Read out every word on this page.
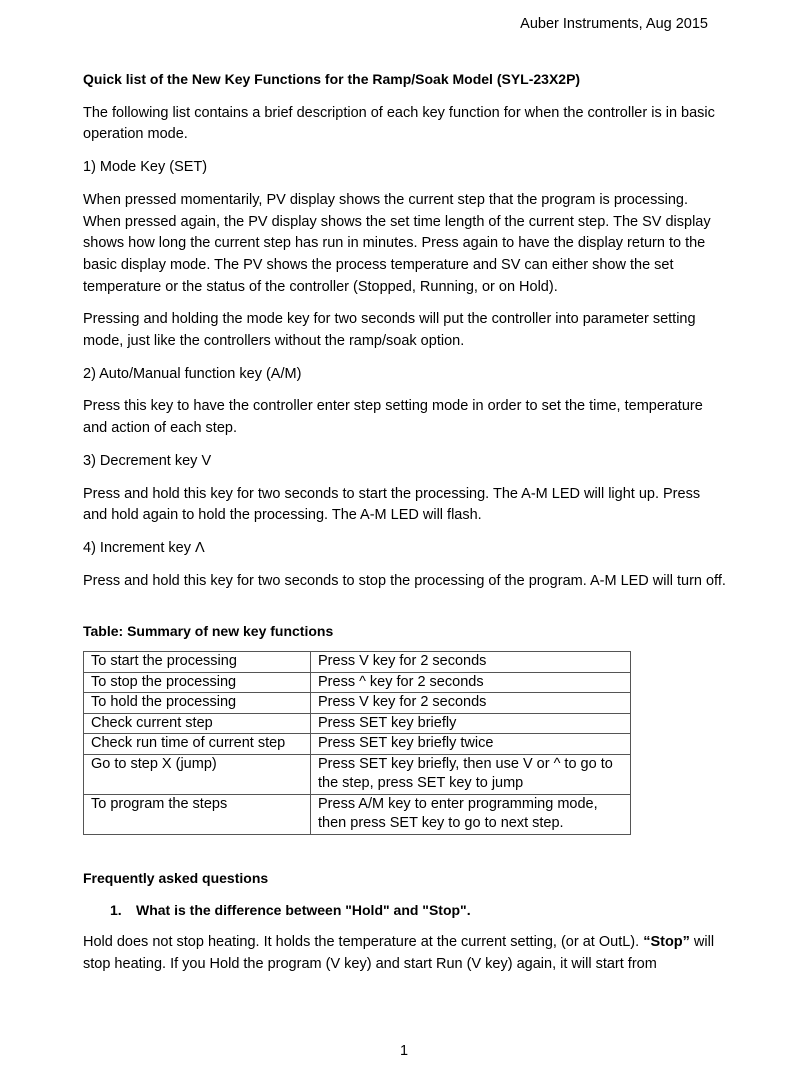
Auber Instruments, Aug 2015

Quick list of the New Key Functions for the Ramp/Soak Model (SYL-23X2P)

The following list contains a brief description of each key function for when the controller is in basic operation mode.

1) Mode Key (SET)

When pressed momentarily, PV display shows the current step that the program is processing. When pressed again, the PV display shows the set time length of the current step. The SV display shows how long the current step has run in minutes. Press again to have the display return to the basic display mode. The PV shows the process temperature and SV can either show the set temperature or the status of the controller (Stopped, Running, or on Hold).

Pressing and holding the mode key for two seconds will put the controller into parameter setting mode, just like the controllers without the ramp/soak option.

2) Auto/Manual function key (A/M)

Press this key to have the controller enter step setting mode in order to set the time, temperature and action of each step.

3) Decrement key V

Press and hold this key for two seconds to start the processing. The A-M LED will light up. Press and hold again to hold the processing. The A-M LED will flash.

4) Increment key Λ

Press and hold this key for two seconds to stop the processing of the program. A-M LED will turn off.

Table: Summary of new key functions

To start the processing	Press V key for 2 seconds
To stop the processing	Press ^ key for 2 seconds
To hold the processing	Press V key for 2 seconds
Check current step	Press SET key briefly
Check run time of current step	Press SET key briefly twice
Go to step X (jump)	Press SET key briefly, then use V or ^ to go to the step, press SET key to jump
To program the steps	Press A/M key to enter programming mode, then press SET key to go to next step.

Frequently asked questions

1. What is the difference between "Hold" and "Stop".

Hold does not stop heating. It holds the temperature at the current setting, (or at OutL). “Stop” will stop heating. If you Hold the program (V key) and start Run (V key) again, it will start from

1
